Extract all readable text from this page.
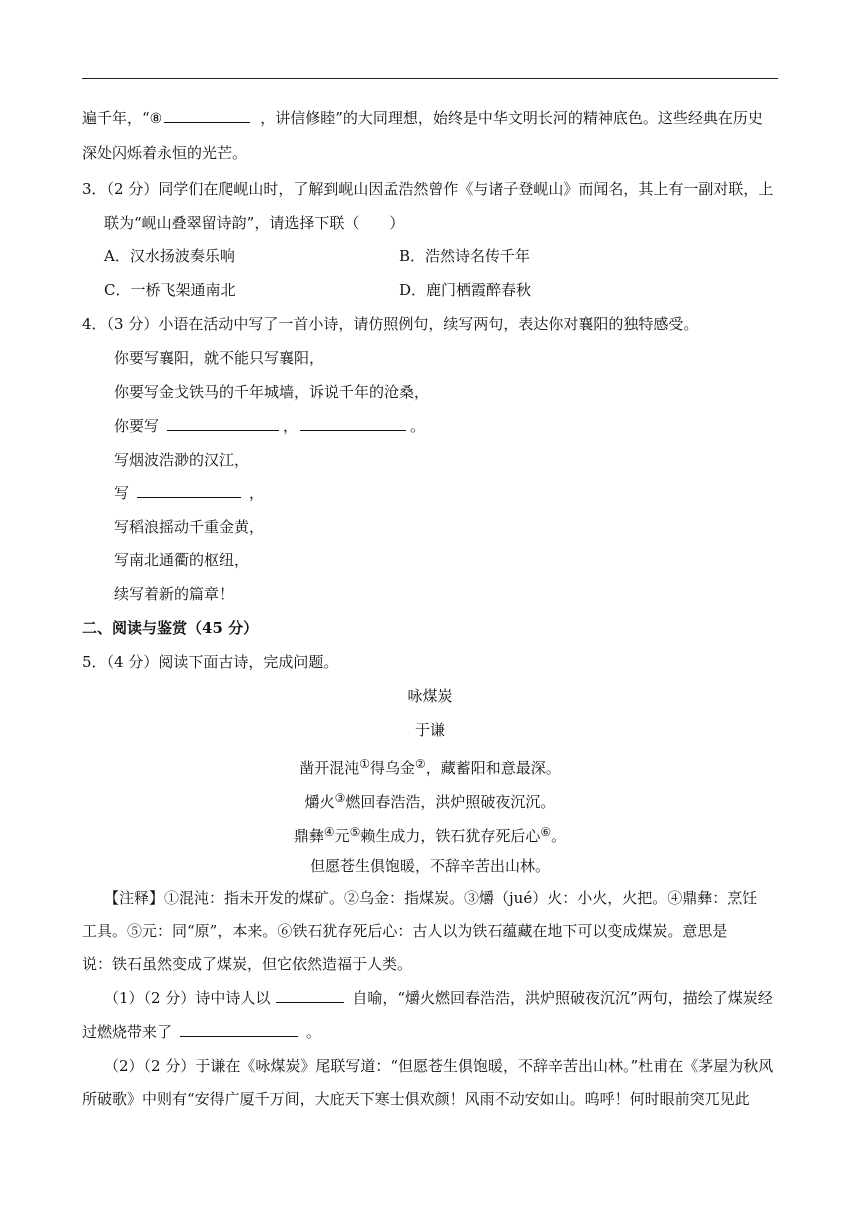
遍千年，“⑧	，讲信修睦”的大同理想，始终是中华文明长河的精神底色。这些经典在历史
深处闪烁着永恒的光芒。
3．（2 分）同学们在爬岘山时，了解到岘山因孟浩然曾作《与诸子登岘山》而闻名，其上有一副对联，上
联为“岘山叠翠留诗韵”，请选择下联（　　）
A．汉水扬波奏乐响	B．浩然诗名传千年
C．一桥飞架通南北	D．鹿门栖霞醉春秋
4．（3 分）小语在活动中写了一首小诗，请仿照例句，续写两句，表达你对襄阳的独特感受。
你要写襄阳，就不能只写襄阳，
你要写金戈铁马的千年城墙，诉说千年的沧桑，
你要写	，	。
写烟波浩渺的汉江，
写	，
写稻浪摇动千重金黄，
写南北通衢的枢纽，
续写着新的篇章！
二、阅读与鉴赏（45 分）
5．（4 分）阅读下面古诗，完成问题。
咏煤炭
于谦
凿开混沌①得乌金②，藏蓄阳和意最深。
爝火③燃回春浩浩，洪炉照破夜沉沉。
鼎彝④元⑤赖生成力，铁石犹存死后心⑥。
但愿苍生俱饱暖，不辞辛苦出山林。
【注释】①混沌：指未开发的煤矿。②乌金：指煤炭。③爝（jué）火：小火，火把。④鼎彝：烹饪
工具。⑤元：同“原”，本来。⑥铁石犹存死后心：古人以为铁石蕴藏在地下可以变成煤炭。意思是
说：铁石虽然变成了煤炭，但它依然造福于人类。
（1）（2 分）诗中诗人以	自喻，“爝火燃回春浩浩，洪炉照破夜沉沉”两句，描绘了煤炭经
过燃烧带来了	。
（2）（2 分）于谦在《咏煤炭》尾联写道：“但愿苍生俱饱暖，不辞辛苦出山林。”杜甫在《茅屋为秋风
所破歌》中则有“安得广厦千万间，大庇天下寒士俱欢颜！风雨不动安如山。呜呼！何时眼前突兀见此
